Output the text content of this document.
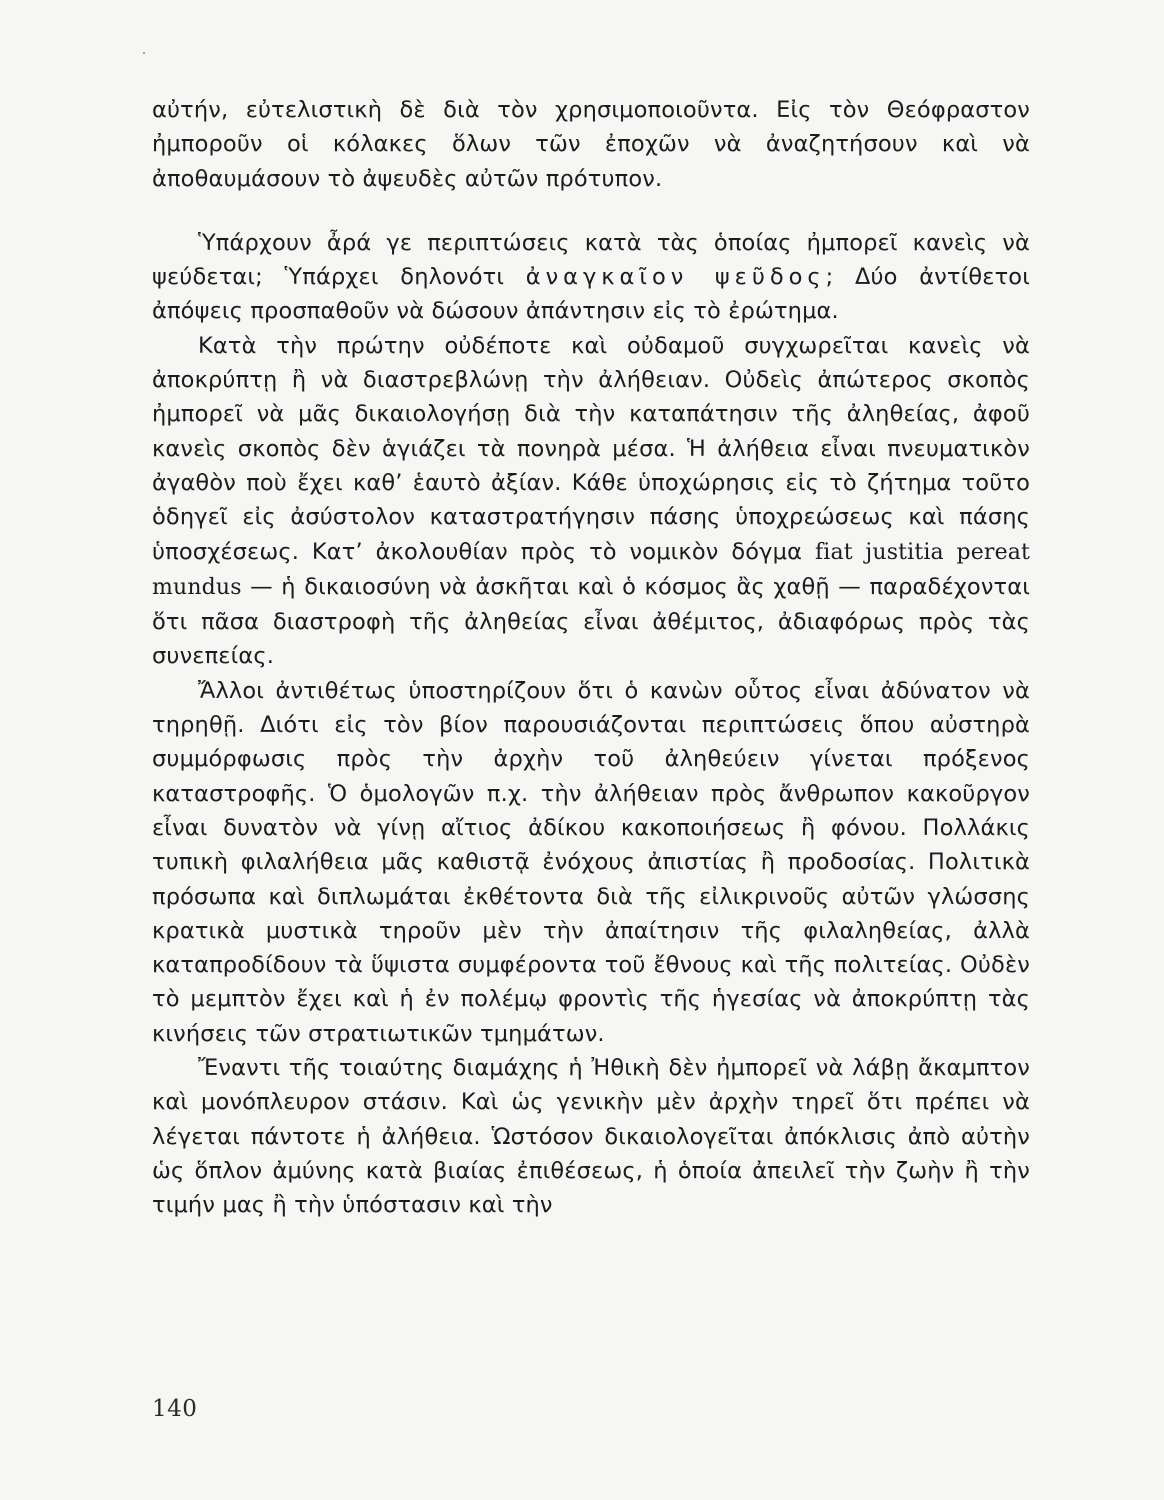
αὐτήν, εὐτελιστικὴ δὲ διὰ τὸν χρησιμοποιοῦντα. Εἰς τὸν Θεόφραστον ἠμποροῦν οἱ κόλακες ὅλων τῶν ἐποχῶν νὰ ἀναζητήσουν καὶ νὰ ἀποθαυμάσουν τὸ ἀψευδὲς αὐτῶν πρότυπον.

Ὑπάρχουν ἆρά γε περιπτώσεις κατὰ τὰς ὁποίας ἠμπορεῖ κανεὶς νὰ ψεύδεται; Ὑπάρχει δηλονότι ἀναγκαῖον ψεῦδος; Δύο ἀντίθετοι ἀπόψεις προσπαθοῦν νὰ δώσουν ἀπάντησιν εἰς τὸ ἐρώτημα.

Κατὰ τὴν πρώτην οὐδέποτε καὶ οὐδαμοῦ συγχωρεῖται κανεὶς νὰ ἀποκρύπτῃ ἢ νὰ διαστρεβλώνῃ τὴν ἀλήθειαν. Οὐδεὶς ἀπώτερος σκοπὸς ἠμπορεῖ νὰ μᾶς δικαιολογήσῃ διὰ τὴν καταπάτησιν τῆς ἀληθείας, ἀφοῦ κανεὶς σκοπὸς δὲν ἁγιάζει τὰ πονηρὰ μέσα. Ἡ ἀλήθεια εἶναι πνευματικὸν ἀγαθὸν ποὺ ἔχει καθ’ ἑαυτὸ ἀξίαν. Κάθε ὑποχώρησις εἰς τὸ ζήτημα τοῦτο ὁδηγεῖ εἰς ἀσύστολον καταστρατήγησιν πάσης ὑποχρεώσεως καὶ πάσης ὑποσχέσεως. Κατ’ ἀκολουθίαν πρὸς τὸ νομικὸν δόγμα fiat justitia pereat mundus — ἡ δικαιοσύνη νὰ ἀσκῆται καὶ ὁ κόσμος ἂς χαθῇ — παραδέχονται ὅτι πᾶσα διαστροφὴ τῆς ἀληθείας εἶναι ἀθέμιτος, ἀδιαφόρως πρὸς τὰς συνεπείας.

Ἄλλοι ἀντιθέτως ὑποστηρίζουν ὅτι ὁ κανὼν οὗτος εἶναι ἀδύνατον νὰ τηρηθῇ. Διότι εἰς τὸν βίον παρουσιάζονται περιπτώσεις ὅπου αὐστηρὰ συμμόρφωσις πρὸς τὴν ἀρχὴν τοῦ ἀληθεύειν γίνεται πρόξενος καταστροφῆς. Ὁ ὁμολογῶν π.χ. τὴν ἀλήθειαν πρὸς ἄνθρωπον κακοῦργον εἶναι δυνατὸν νὰ γίνῃ αἴτιος ἀδίκου κακοποιήσεως ἢ φόνου. Πολλάκις τυπικὴ φιλαλήθεια μᾶς καθιστᾷ ἐνόχους ἀπιστίας ἢ προδοσίας. Πολιτικὰ πρόσωπα καὶ διπλωμάται ἐκθέτοντα διὰ τῆς εἰλικρινοῦς αὐτῶν γλώσσης κρατικὰ μυστικὰ τηροῦν μὲν τὴν ἀπαίτησιν τῆς φιλαληθείας, ἀλλὰ καταπροδίδουν τὰ ὕψιστα συμφέροντα τοῦ ἔθνους καὶ τῆς πολιτείας. Οὐδὲν τὸ μεμπτὸν ἔχει καὶ ἡ ἐν πολέμῳ φροντὶς τῆς ἡγεσίας νὰ ἀποκρύπτῃ τὰς κινήσεις τῶν στρατιωτικῶν τμημάτων.

Ἔναντι τῆς τοιαύτης διαμάχης ἡ Ἠθικὴ δὲν ἠμπορεῖ νὰ λάβῃ ἄκαμπτον καὶ μονόπλευρον στάσιν. Καὶ ὡς γενικὴν μὲν ἀρχὴν τηρεῖ ὅτι πρέπει νὰ λέγεται πάντοτε ἡ ἀλήθεια. Ὡστόσον δικαιολογεῖται ἀπόκλισις ἀπὸ αὐτὴν ὡς ὅπλον ἀμύνης κατὰ βιαίας ἐπιθέσεως, ἡ ὁποία ἀπειλεῖ τὴν ζωὴν ἢ τὴν τιμήν μας ἢ τὴν ὑπόστασιν καὶ τὴν

140
